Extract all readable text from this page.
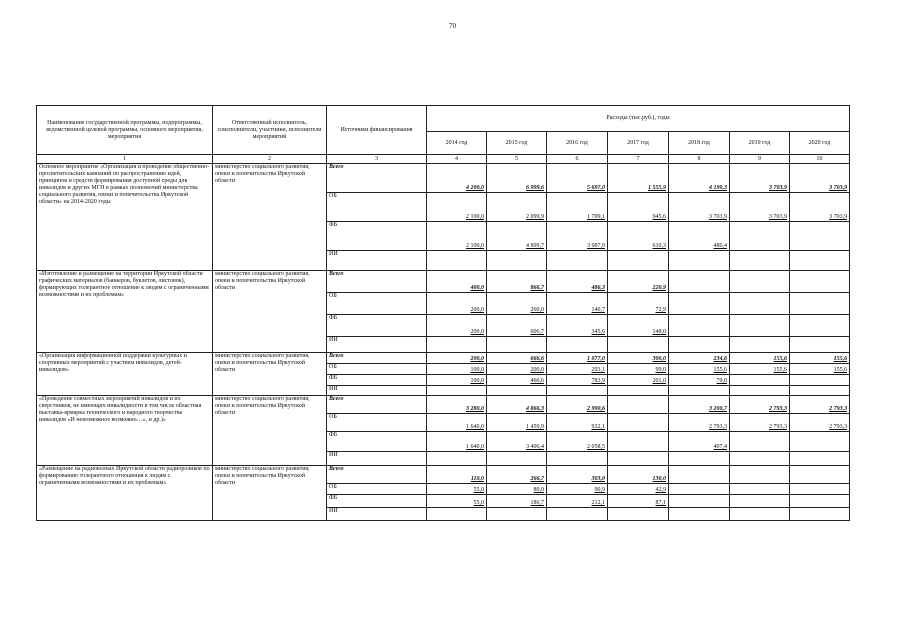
70
Наименование государственной программы, подпрограммы, ведомственной целевой программы, основного мероприятия, мероприятия	Ответственный исполнитель, соисполнители, участники, исполнители мероприятий	Источники финансирования	Расходы (тыс.руб.), годы						
			2014 год	2015 год	2016 год	2017 год	2018 год	2019 год	2020 год
1	2	3	4	5	6	7	8	9	10
Основное мероприятие «Организация и проведение общественно-просветительских кампаний по распространению идей, принципов и средств формирования доступной среды для инвалидов и других МГН в рамках полномочий министерства социального развития, опеки и попечительства Иркутской области» на 2014-2020 годы	министерство социального развития, опеки и попечительства Иркутской области	Всего	4 200,0	6 999,6	5 697,0	1 555,9	4 190,3	3 703,9	3 703,9
		ОБ	2 100,0	2 099,9	1 709,1	945,6	3 703,9	3 703,9	3 703,9
		ФБ	2 100,0	4 899,7	3 987,9	610,3	486,4		
		ИИ							
«Изготовление и размещение на территории Иркутской области графических материалов (баннеров, буклетов, листовок), формирующих толерантное отношение к людям с ограниченными возможностями и их проблемам»	министерство социального развития, опеки и попечительства Иркутской области	Всего	400,0	866,7	486,3	220,9			
		ОБ	200,0	260,0	140,7	72,9			
		ФБ	200,0	606,7	345,6	148,0			
		ИИ							
«Организация информационной поддержки культурных и спортивных мероприятий с участием инвалидов, детей-инвалидов»	министерство социального развития, опеки и попечительства Иркутской области	Всего	200,0	666,6	1 077,0	300,0	234,6	155,6	155,6
		ОБ	100,0	200,0	293,1	99,0	155,6	155,6	155,6
		ФБ	100,0	466,6	783,9	201,0	79,0		
		ИИ							
«Проведение совместных мероприятий инвалидов и их сверстников, не имеющих инвалидности в том числе областная выставка-ярмарка технического и народного творчества инвалидов «И невозможное возможно…», и др.)»	министерство социального развития, опеки и попечительства Иркутской области	Всего	3 280,0	4 866,3	2 990,6		3 200,7	2 793,3	2 793,3
		ОБ	1 640,0	1 459,9	932,1		2 793,3	2 793,3	2 793,3
		ФБ	1 640,0	3 406,4	2 058,5		407,4		
		ИИ							
«Размещение на радиоволнах Иркутской области радиороликов по формированию толерантного отношения к людям с ограниченными возможностями и их проблемам»	министерство социального развития, опеки и попечительства Иркутской области	Всего	110,0	266,7	303,0	130,0			
		ОБ	55,0	80,0	90,9	42,9			
		ФБ	55,0	186,7	212,1	87,1			
		ИИ							
